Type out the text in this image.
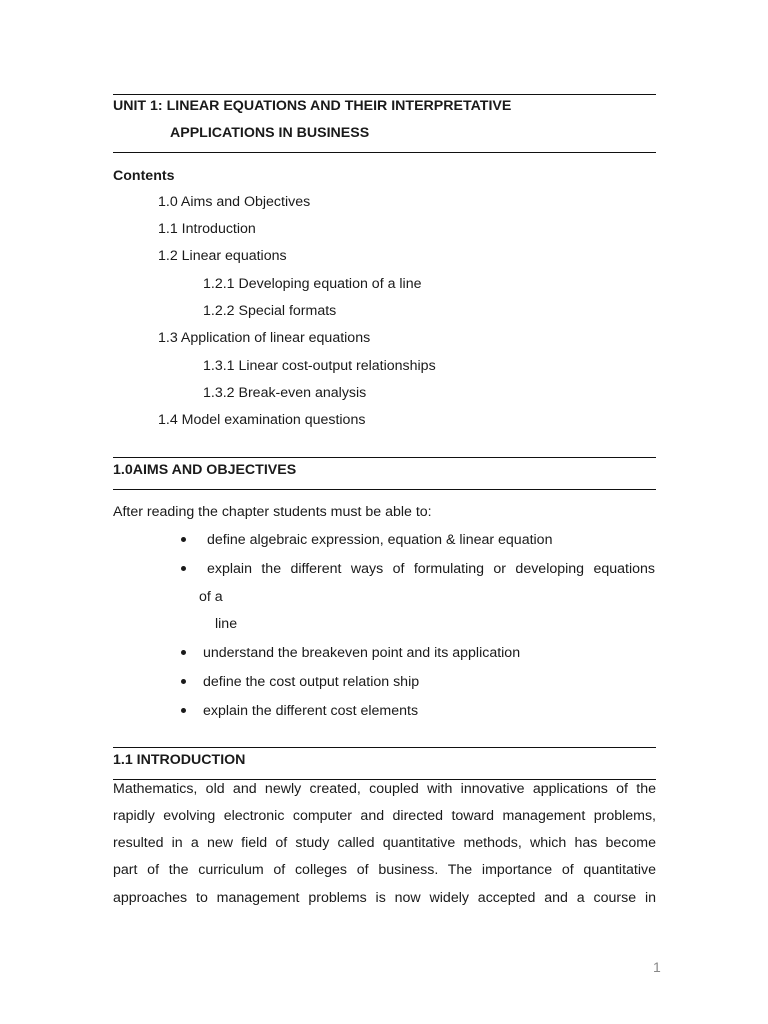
UNIT 1: LINEAR EQUATIONS AND THEIR INTERPRETATIVE
APPLICATIONS IN BUSINESS
Contents
1.0 Aims and Objectives
1.1 Introduction
1.2 Linear equations
1.2.1 Developing equation of a line
1.2.2 Special formats
1.3 Application of linear equations
1.3.1 Linear cost-output relationships
1.3.2 Break-even analysis
1.4 Model examination questions
1.0AIMS AND OBJECTIVES
After reading the chapter students must be able to:
define algebraic expression, equation & linear equation
explain the different ways of formulating or developing equations
of a
line
understand the breakeven point and its application
define the cost output relation ship
explain the different cost elements
1.1 INTRODUCTION
Mathematics, old and newly created, coupled with innovative applications of the
rapidly evolving electronic computer and directed toward management problems,
resulted in a new field of study called quantitative methods, which has become
part of the curriculum of colleges of business. The importance of quantitative
approaches to management problems is now widely accepted and a course in
1
